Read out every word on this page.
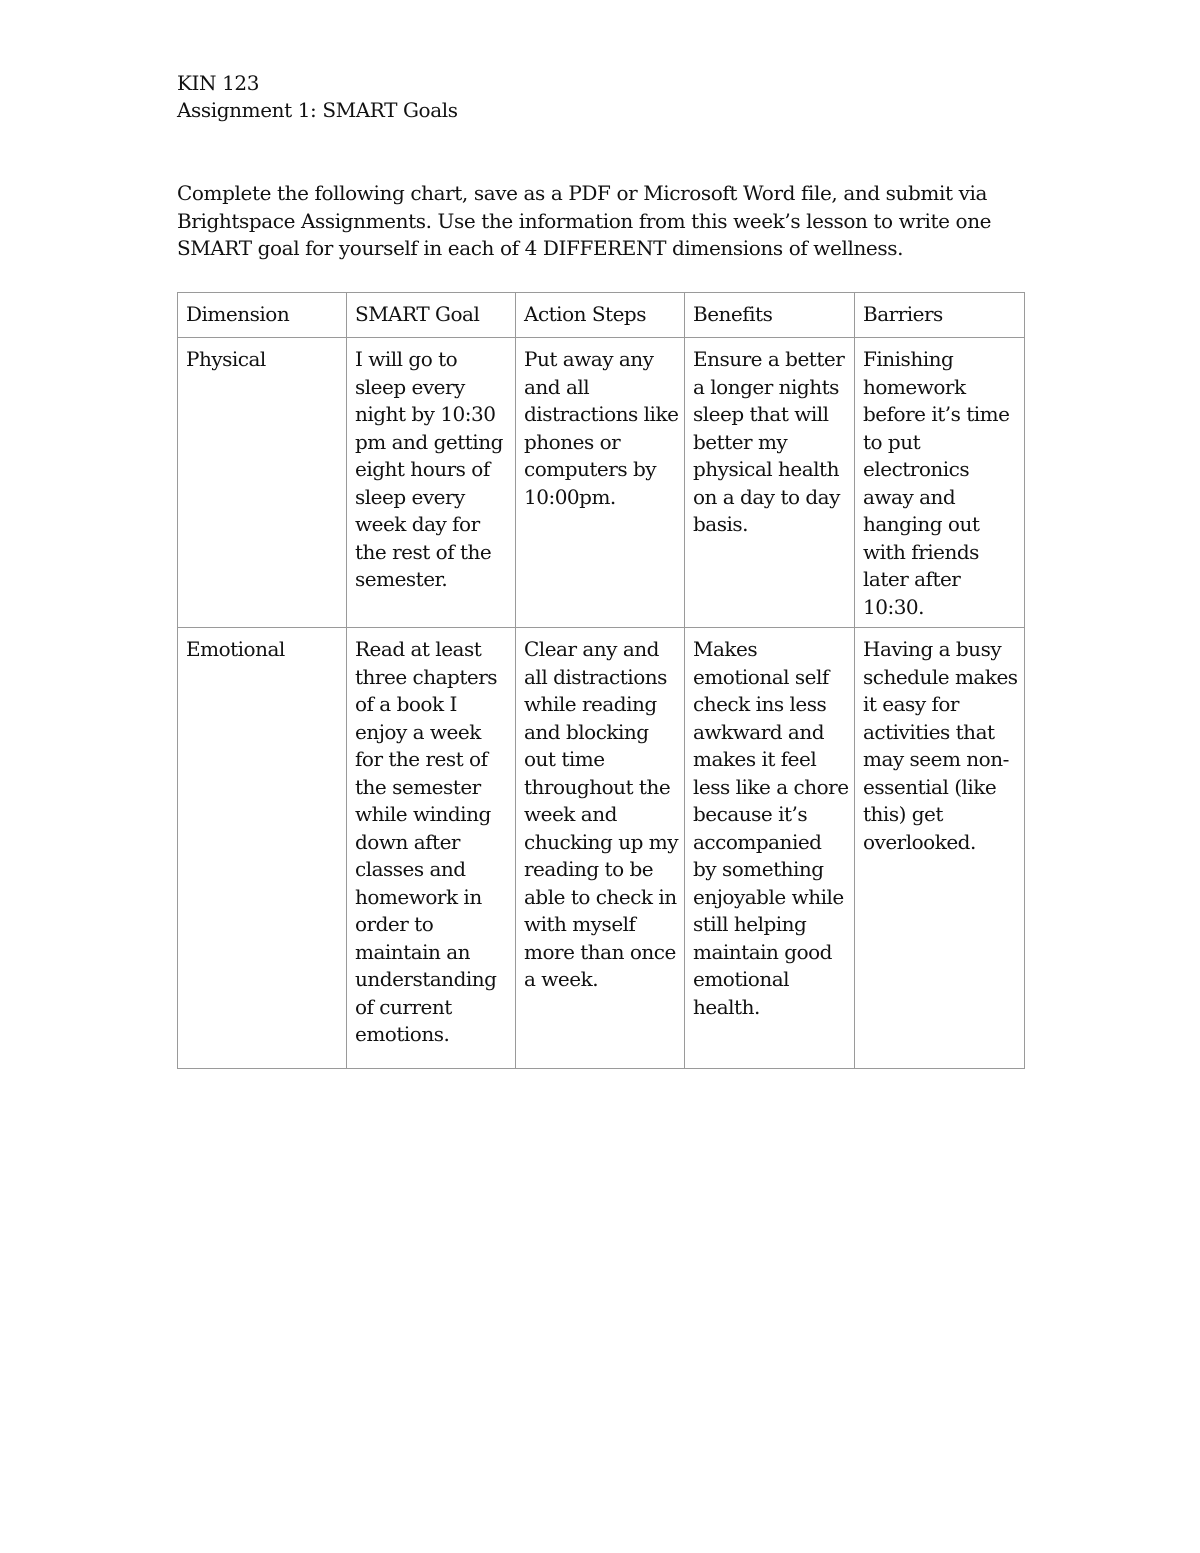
KIN 123
Assignment 1: SMART Goals
Complete the following chart, save as a PDF or Microsoft Word file, and submit via Brightspace Assignments. Use the information from this week’s lesson to write one SMART goal for yourself in each of 4 DIFFERENT dimensions of wellness.
Dimension	SMART Goal	Action Steps	Benefits	Barriers
Physical	I will go to sleep every night by 10:30 pm and getting eight hours of sleep every week day for the rest of the semester.	Put away any and all distractions like phones or computers by 10:00pm.	Ensure a better a longer nights sleep that will better my physical health on a day to day basis.	Finishing homework before it’s time to put electronics away and hanging out with friends later after 10:30.
Emotional	Read at least three chapters of a book I enjoy a week for the rest of the semester while winding down after classes and homework in order to maintain an understanding of current emotions.	Clear any and all distractions while reading and blocking out time throughout the week and chucking up my reading to be able to check in with myself more than once a week.	Makes emotional self check ins less awkward and makes it feel less like a chore because it’s accompanied by something enjoyable while still helping maintain good emotional health.	Having a busy schedule makes it easy for activities that may seem non-essential (like this) get overlooked.
